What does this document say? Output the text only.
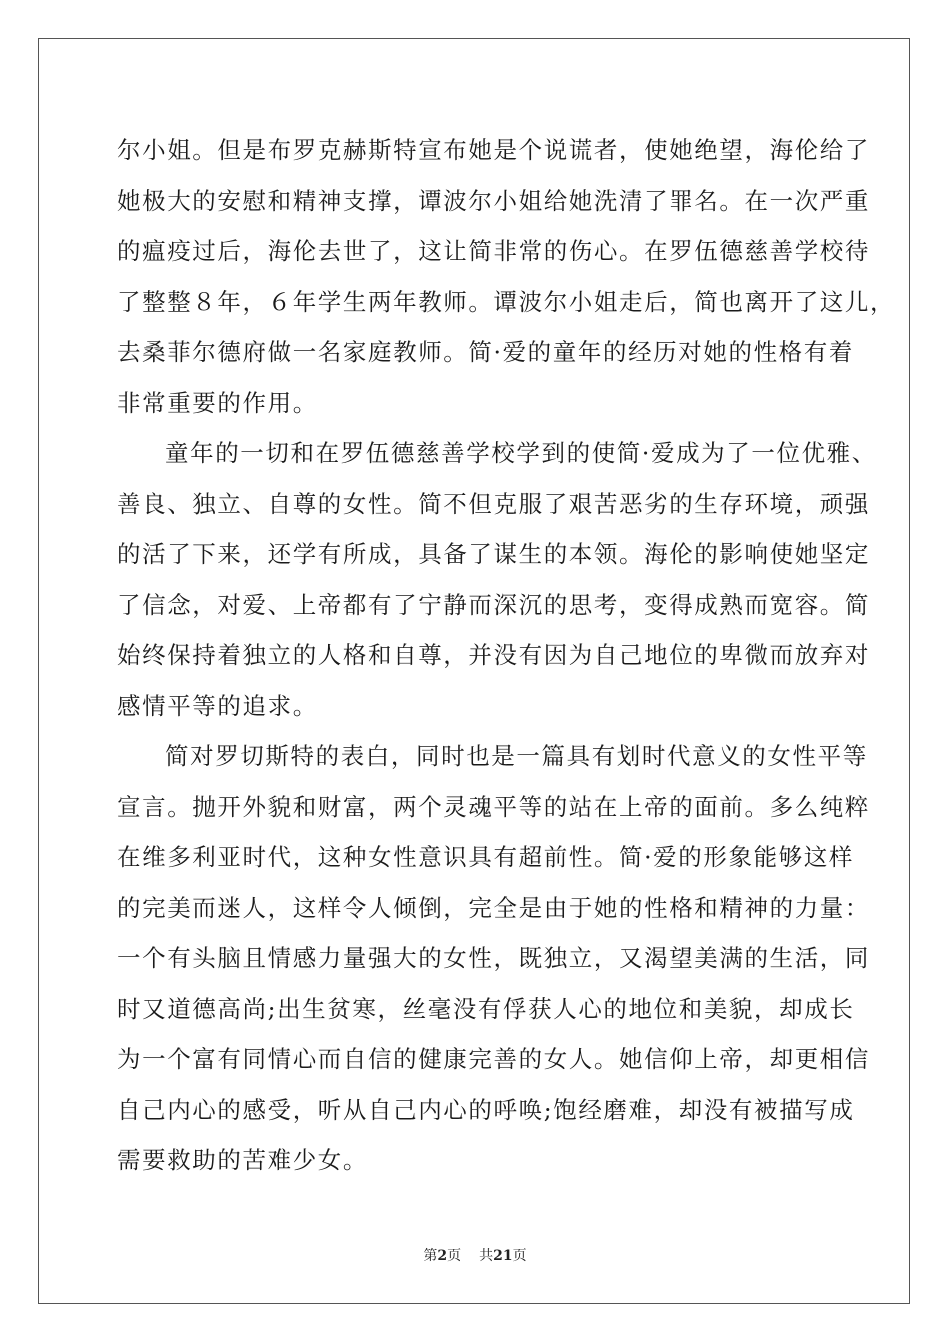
尔小姐。但是布罗克赫斯特宣布她是个说谎者，使她绝望，海伦给了
她极大的安慰和精神支撑，谭波尔小姐给她洗清了罪名。在一次严重
的瘟疫过后，海伦去世了，这让简非常的伤心。在罗伍德慈善学校待
了整整８年，６年学生两年教师。谭波尔小姐走后，简也离开了这儿，
去桑菲尔德府做一名家庭教师。简·爱的童年的经历对她的性格有着
非常重要的作用。
童年的一切和在罗伍德慈善学校学到的使简·爱成为了一位优雅、
善良、独立、自尊的女性。简不但克服了艰苦恶劣的生存环境，顽强
的活了下来，还学有所成，具备了谋生的本领。海伦的影响使她坚定
了信念，对爱、上帝都有了宁静而深沉的思考，变得成熟而宽容。简
始终保持着独立的人格和自尊，并没有因为自己地位的卑微而放弃对
感情平等的追求。
简对罗切斯特的表白，同时也是一篇具有划时代意义的女性平等
宣言。抛开外貌和财富，两个灵魂平等的站在上帝的面前。多么纯粹
在维多利亚时代，这种女性意识具有超前性。简·爱的形象能够这样
的完美而迷人，这样令人倾倒，完全是由于她的性格和精神的力量：
一个有头脑且情感力量强大的女性，既独立，又渴望美满的生活，同
时又道德高尚;出生贫寒，丝毫没有俘获人心的地位和美貌，却成长
为一个富有同情心而自信的健康完善的女人。她信仰上帝，却更相信
自己内心的感受，听从自己内心的呼唤;饱经磨难，却没有被描写成
需要救助的苦难少女。
第2页 共21页
